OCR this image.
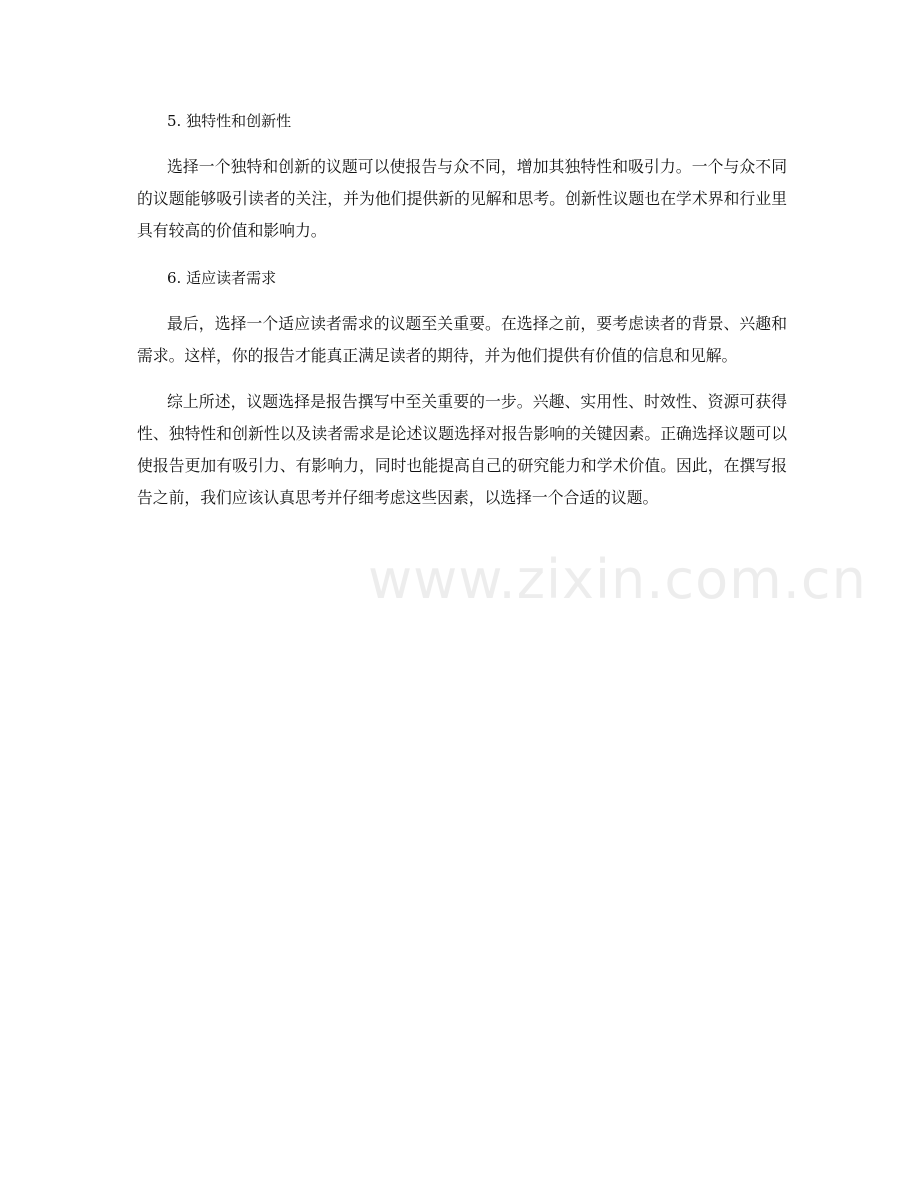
5. 独特性和创新性

选择一个独特和创新的议题可以使报告与众不同，增加其独特性和吸引力。一个与众不同的议题能够吸引读者的关注，并为他们提供新的见解和思考。创新性议题也在学术界和行业里具有较高的价值和影响力。

6. 适应读者需求

最后，选择一个适应读者需求的议题至关重要。在选择之前，要考虑读者的背景、兴趣和需求。这样，你的报告才能真正满足读者的期待，并为他们提供有价值的信息和见解。

综上所述，议题选择是报告撰写中至关重要的一步。兴趣、实用性、时效性、资源可获得性、独特性和创新性以及读者需求是论述议题选择对报告影响的关键因素。正确选择议题可以使报告更加有吸引力、有影响力，同时也能提高自己的研究能力和学术价值。因此，在撰写报告之前，我们应该认真思考并仔细考虑这些因素，以选择一个合适的议题。

www.zixin.com.cn
